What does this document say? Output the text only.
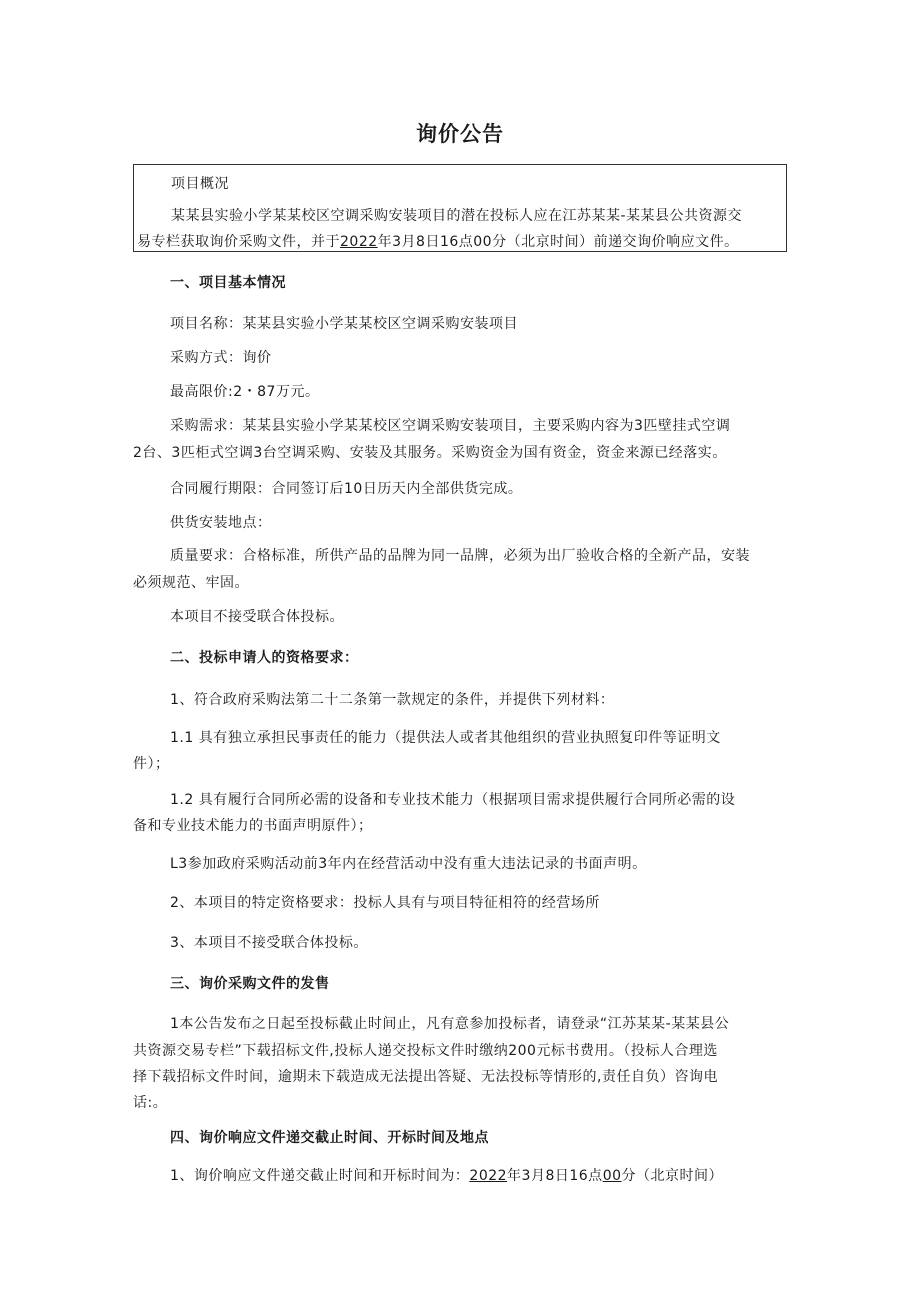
询价公告
项目概况
某某县实验小学某某校区空调采购安装项目的潜在投标人应在江苏某某-某某县公共资源交
易专栏获取询价采购文件，并于2022年3月8日16点00分（北京时间）前递交询价响应文件。
一、项目基本情况
项目名称：某某县实验小学某某校区空调采购安装项目
采购方式：询价
最高限价:2・87万元。
采购需求：某某县实验小学某某校区空调采购安装项目，主要采购内容为3匹壁挂式空调
2台、3匹柜式空调3台空调采购、安装及其服务。采购资金为国有资金，资金来源已经落实。
合同履行期限：合同签订后10日历天内全部供货完成。
供货安装地点：
质量要求：合格标准，所供产品的品牌为同一品牌，必须为出厂验收合格的全新产品，安装
必须规范、牢固。
本项目不接受联合体投标。
二、投标申请人的资格要求：
1、符合政府采购法第二十二条第一款规定的条件，并提供下列材料：
1.1 具有独立承担民事责任的能力（提供法人或者其他组织的营业执照复印件等证明文
件）；
1.2 具有履行合同所必需的设备和专业技术能力（根据项目需求提供履行合同所必需的设
备和专业技术能力的书面声明原件）；
L3参加政府采购活动前3年内在经营活动中没有重大违法记录的书面声明。
2、本项目的特定资格要求：投标人具有与项目特征相符的经营场所
3、本项目不接受联合体投标。
三、询价采购文件的发售
1本公告发布之日起至投标截止时间止，凡有意参加投标者，请登录“江苏某某-某某县公
共资源交易专栏”下载招标文件,投标人递交投标文件时缴纳200元标书费用。（投标人合理选
择下载招标文件时间，逾期未下载造成无法提出答疑、无法投标等情形的,责任自负）咨询电
话:。
四、询价响应文件递交截止时间、开标时间及地点
1、询价响应文件递交截止时间和开标时间为：2022年3月8日16点00分（北京时间）
